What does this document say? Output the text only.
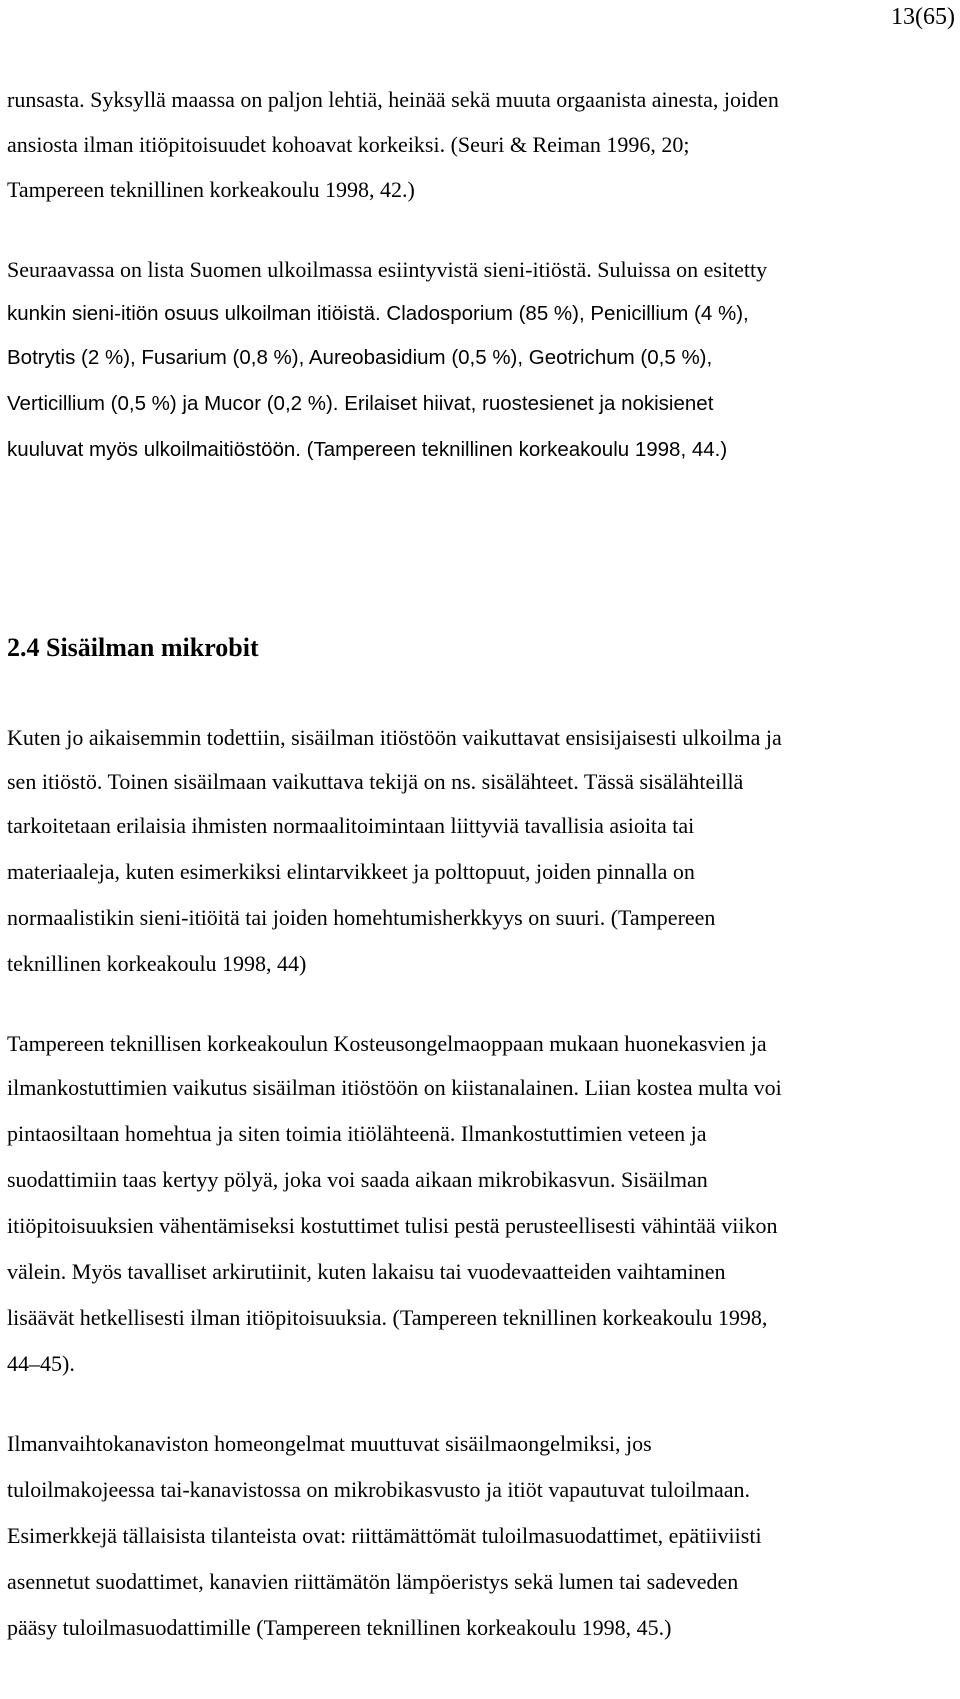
13(65)

runsasta. Syksyllä maassa on paljon lehtiä, heinää sekä muuta orgaanista ainesta, joiden

ansiosta ilman itiöpitoisuudet kohoavat korkeiksi. (Seuri & Reiman 1996, 20;

Tampereen teknillinen korkeakoulu 1998, 42.)

Seuraavassa on lista Suomen ulkoilmassa esiintyvistä sieni-itiöstä. Suluissa on esitetty

kunkin sieni-itiön osuus ulkoilman itiöistä. Cladosporium (85 %), Penicillium (4 %),

Botrytis (2 %), Fusarium (0,8 %), Aureobasidium (0,5 %), Geotrichum (0,5 %),

Verticillium (0,5 %) ja Mucor (0,2 %). Erilaiset hiivat, ruostesienet ja nokisienet

kuuluvat myös ulkoilmaitiöstöön. (Tampereen teknillinen korkeakoulu 1998, 44.)

2.4 Sisäilman mikrobit

Kuten jo aikaisemmin todettiin, sisäilman itiöstöön vaikuttavat ensisijaisesti ulkoilma ja

sen itiöstö. Toinen sisäilmaan vaikuttava tekijä on ns. sisälähteet. Tässä sisälähteillä

tarkoitetaan erilaisia ihmisten normaalitoimintaan liittyviä tavallisia asioita tai

materiaaleja, kuten esimerkiksi elintarvikkeet ja polttopuut, joiden pinnalla on

normaalistikin sieni-itiöitä tai joiden homehtumisherkkyys on suuri. (Tampereen

teknillinen korkeakoulu 1998, 44)

Tampereen teknillisen korkeakoulun Kosteusongelmaoppaan mukaan huonekasvien ja

ilmankostuttimien vaikutus sisäilman itiöstöön on kiistanalainen. Liian kostea multa voi

pintaosiltaan homehtua ja siten toimia itiölähteenä. Ilmankostuttimien veteen ja

suodattimiin taas kertyy pölyä, joka voi saada aikaan mikrobikasvun. Sisäilman

itiöpitoisuuksien vähentämiseksi kostuttimet tulisi pestä perusteellisesti vähintää viikon

välein. Myös tavalliset arkirutiinit, kuten lakaisu tai vuodevaatteiden vaihtaminen

lisäävät hetkellisesti ilman itiöpitoisuuksia. (Tampereen teknillinen korkeakoulu 1998,

44–45).

Ilmanvaihtokanaviston homeongelmat muuttuvat sisäilmaongelmiksi, jos

tuloilmakojeessa tai-kanavistossa on mikrobikasvusto ja itiöt vapautuvat tuloilmaan.

Esimerkkejä tällaisista tilanteista ovat: riittämättömät tuloilmasuodattimet, epätiiviisti

asennetut suodattimet, kanavien riittämätön lämpöeristys sekä lumen tai sadeveden

pääsy tuloilmasuodattimille (Tampereen teknillinen korkeakoulu 1998, 45.)
